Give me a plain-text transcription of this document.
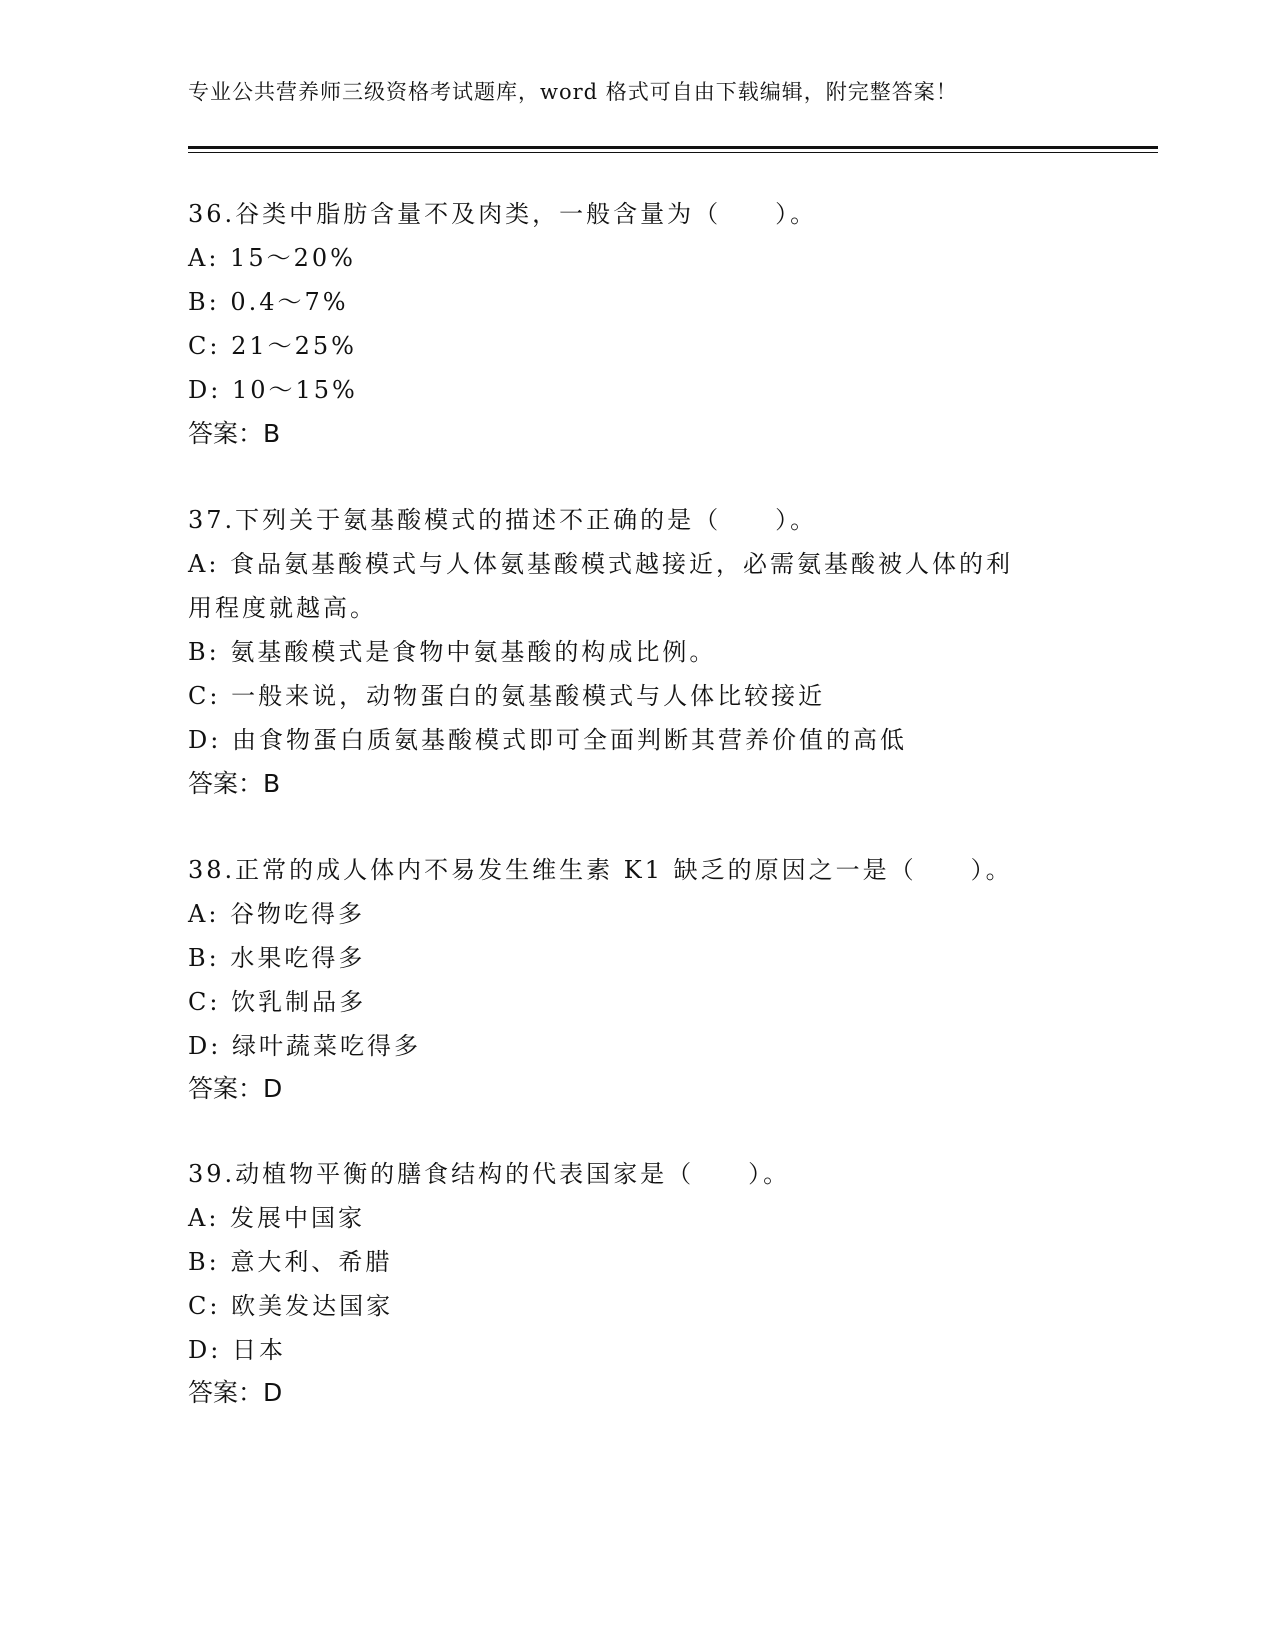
专业公共营养师三级资格考试题库，word 格式可自由下载编辑，附完整答案！
36.谷类中脂肪含量不及肉类，一般含量为（　　）。
A: 15～20%
B: 0.4～7%
C: 21～25%
D: 10～15%
答案：B
37.下列关于氨基酸模式的描述不正确的是（　　）。
A: 食品氨基酸模式与人体氨基酸模式越接近，必需氨基酸被人体的利
用程度就越高。
B: 氨基酸模式是食物中氨基酸的构成比例。
C: 一般来说，动物蛋白的氨基酸模式与人体比较接近
D: 由食物蛋白质氨基酸模式即可全面判断其营养价值的高低
答案：B
38.正常的成人体内不易发生维生素 K1 缺乏的原因之一是（　　）。
A: 谷物吃得多
B: 水果吃得多
C: 饮乳制品多
D: 绿叶蔬菜吃得多
答案：D
39.动植物平衡的膳食结构的代表国家是（　　）。
A: 发展中国家
B: 意大利、希腊
C: 欧美发达国家
D: 日本
答案：D
